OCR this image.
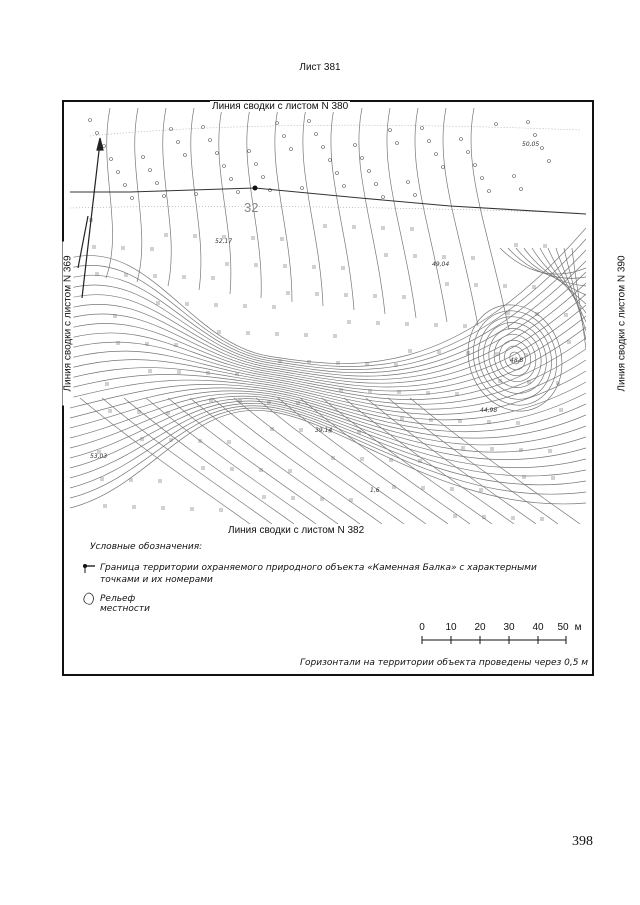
Лист 381
32
50,05
52,17
49,04
48,8
44,98
39,14
53,03
1,6
Линия сводки с листом N 380
Линия сводки с листом N 382
Линия сводки с листом N 369	Линия сводки с листом N 390
Условные обозначения:
Граница территории охраняемого природного объекта «Каменная Балка» с характерными точками и их номерами
Рельеф местности
0 10 20 30 40 50 м
Горизонтали на территории объекта проведены через 0,5 м
398
